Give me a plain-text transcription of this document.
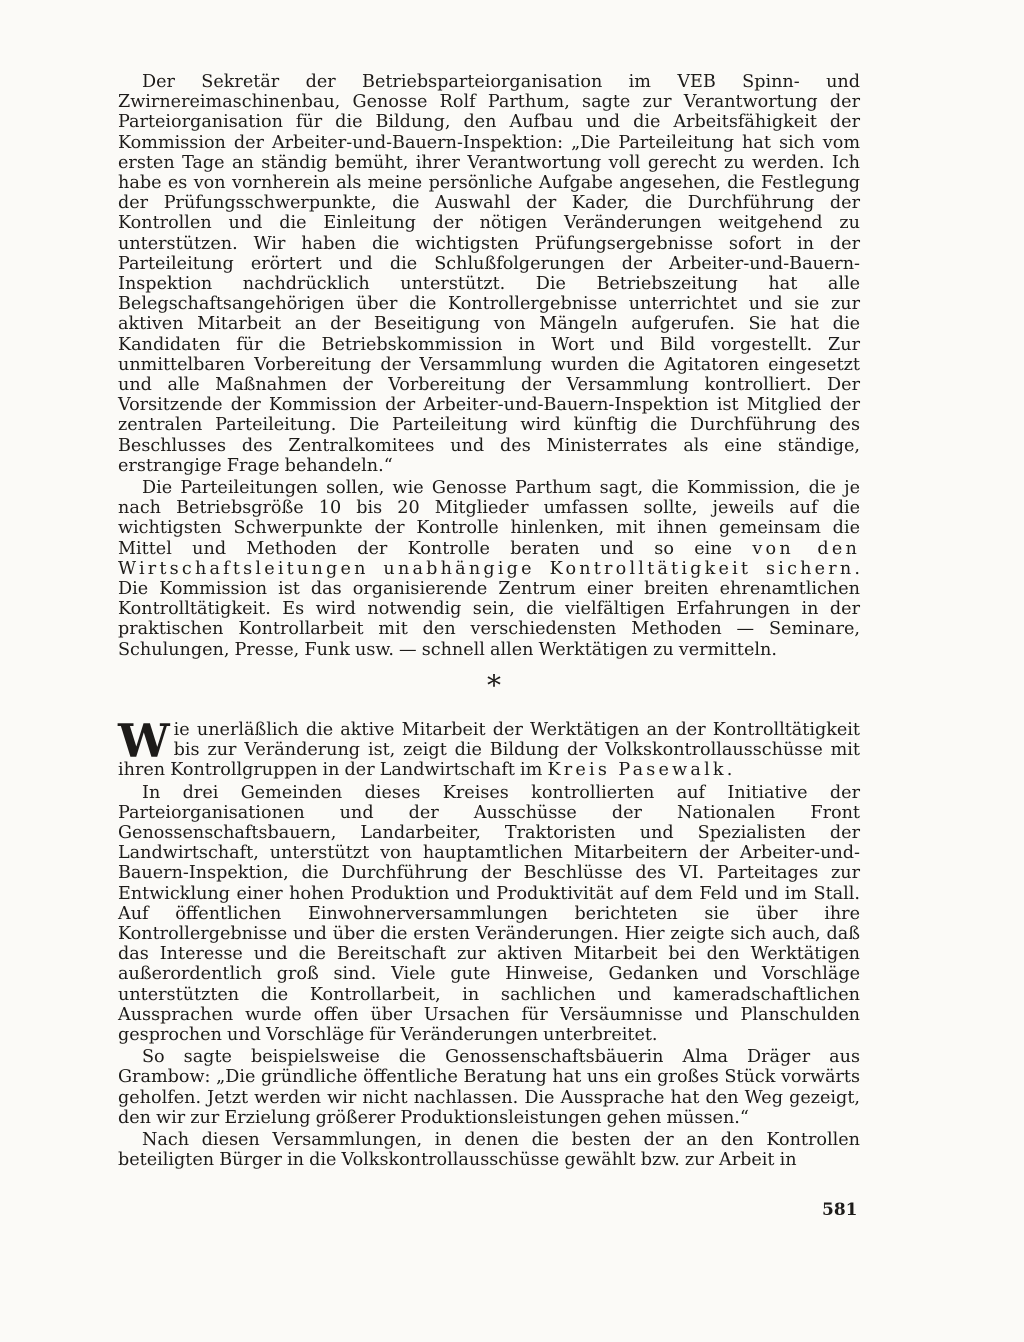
Der Sekretär der Betriebsparteiorganisation im VEB Spinn- und Zwirnereimaschinenbau, Genosse Rolf Parthum, sagte zur Verantwortung der Parteiorganisation für die Bildung, den Aufbau und die Arbeitsfähigkeit der Kommission der Arbeiter-und-Bauern-Inspektion: „Die Parteileitung hat sich vom ersten Tage an ständig bemüht, ihrer Verantwortung voll gerecht zu werden. Ich habe es von vornherein als meine persönliche Aufgabe angesehen, die Festlegung der Prüfungsschwerpunkte, die Auswahl der Kader, die Durchführung der Kontrollen und die Einleitung der nötigen Veränderungen weitgehend zu unterstützen. Wir haben die wichtigsten Prüfungsergebnisse sofort in der Parteileitung erörtert und die Schlußfolgerungen der Arbeiter-und-Bauern-Inspektion nachdrücklich unterstützt. Die Betriebszeitung hat alle Belegschaftsangehörigen über die Kontrollergebnisse unterrichtet und sie zur aktiven Mitarbeit an der Beseitigung von Mängeln aufgerufen. Sie hat die Kandidaten für die Betriebskommission in Wort und Bild vorgestellt. Zur unmittelbaren Vorbereitung der Versammlung wurden die Agitatoren eingesetzt und alle Maßnahmen der Vorbereitung der Versammlung kontrolliert. Der Vorsitzende der Kommission der Arbeiter-und-Bauern-Inspektion ist Mitglied der zentralen Parteileitung. Die Parteileitung wird künftig die Durchführung des Beschlusses des Zentralkomitees und des Ministerrates als eine ständige, erstrangige Frage behandeln.“

Die Parteileitungen sollen, wie Genosse Parthum sagt, die Kommission, die je nach Betriebsgröße 10 bis 20 Mitglieder umfassen sollte, jeweils auf die wichtigsten Schwerpunkte der Kontrolle hinlenken, mit ihnen gemeinsam die Mittel und Methoden der Kontrolle beraten und so eine von den Wirtschaftsleitungen unabhängige Kontrolltätigkeit sichern. Die Kommission ist das organisierende Zentrum einer breiten ehrenamtlichen Kontrolltätigkeit. Es wird notwendig sein, die vielfältigen Erfahrungen in der praktischen Kontrollarbeit mit den verschiedensten Methoden — Seminare, Schulungen, Presse, Funk usw. — schnell allen Werktätigen zu vermitteln.

*

Wie unerläßlich die aktive Mitarbeit der Werktätigen an der Kontrolltätigkeit bis zur Veränderung ist, zeigt die Bildung der Volkskontrollausschüsse mit ihren Kontrollgruppen in der Landwirtschaft im Kreis Pasewalk.

In drei Gemeinden dieses Kreises kontrollierten auf Initiative der Parteiorganisationen und der Ausschüsse der Nationalen Front Genossenschaftsbauern, Landarbeiter, Traktoristen und Spezialisten der Landwirtschaft, unterstützt von hauptamtlichen Mitarbeitern der Arbeiter-und-Bauern-Inspektion, die Durchführung der Beschlüsse des VI. Parteitages zur Entwicklung einer hohen Produktion und Produktivität auf dem Feld und im Stall. Auf öffentlichen Einwohnerversammlungen berichteten sie über ihre Kontrollergebnisse und über die ersten Veränderungen. Hier zeigte sich auch, daß das Interesse und die Bereitschaft zur aktiven Mitarbeit bei den Werktätigen außerordentlich groß sind. Viele gute Hinweise, Gedanken und Vorschläge unterstützten die Kontrollarbeit, in sachlichen und kameradschaftlichen Aussprachen wurde offen über Ursachen für Versäumnisse und Planschulden gesprochen und Vorschläge für Veränderungen unterbreitet.

So sagte beispielsweise die Genossenschaftsbäuerin Alma Dräger aus Grambow: „Die gründliche öffentliche Beratung hat uns ein großes Stück vorwärts geholfen. Jetzt werden wir nicht nachlassen. Die Aussprache hat den Weg gezeigt, den wir zur Erzielung größerer Produktionsleistungen gehen müssen.“

Nach diesen Versammlungen, in denen die besten der an den Kontrollen beteiligten Bürger in die Volkskontrollausschüsse gewählt bzw. zur Arbeit in

581
